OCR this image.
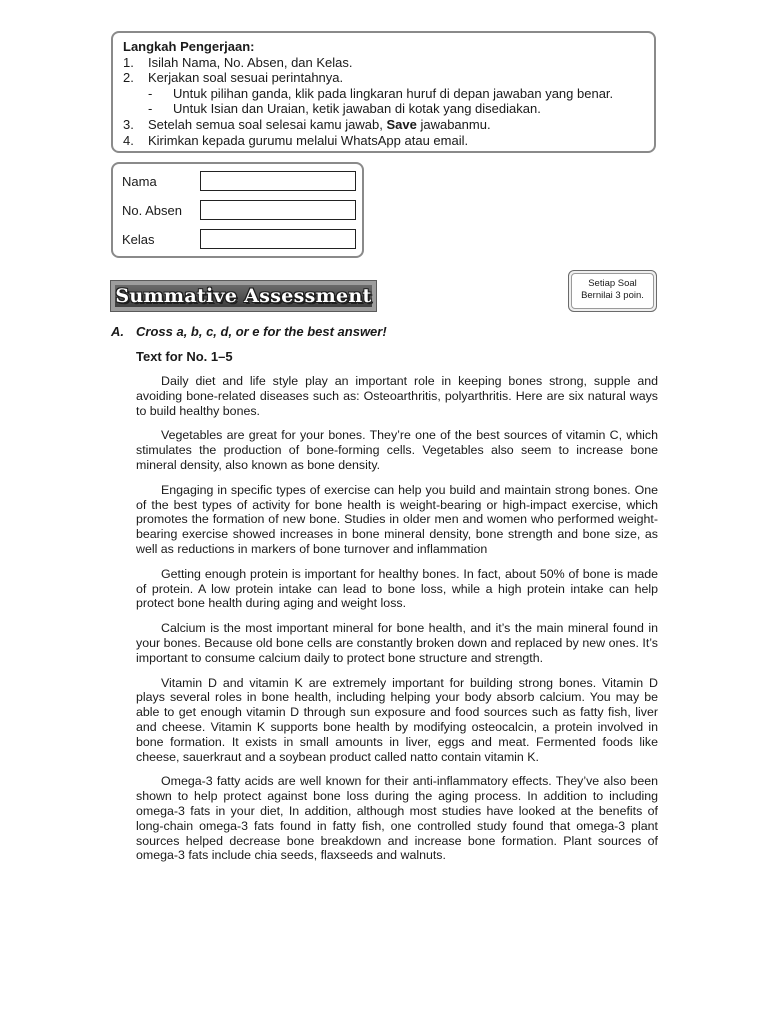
Langkah Pengerjaan:
1.	Isilah Nama, No. Absen, dan Kelas.
2.	Kerjakan soal sesuai perintahnya.
-	Untuk pilihan ganda, klik pada lingkaran huruf di depan jawaban yang benar.
-	Untuk Isian dan Uraian, ketik jawaban di kotak yang disediakan.
3.	Setelah semua soal selesai kamu jawab, Save jawabanmu.
4.	Kirimkan kepada gurumu melalui WhatsApp atau email.
Nama
No. Absen
Kelas
Summative Assessment
Setiap Soal
Bernilai 3 poin.
A. Cross a, b, c, d, or e for the best answer!
Text for No. 1–5

Daily diet and life style play an important role in keeping bones strong, supple and avoiding bone-related diseases such as: Osteoarthritis, polyarthritis. Here are six natural ways to build healthy bones.

Vegetables are great for your bones. They’re one of the best sources of vitamin C, which stimulates the production of bone-forming cells. Vegetables also seem to increase bone mineral density, also known as bone density.

Engaging in specific types of exercise can help you build and maintain strong bones. One of the best types of activity for bone health is weight-bearing or high-impact exercise, which promotes the formation of new bone. Studies in older men and women who performed weight-bearing exercise showed increases in bone mineral density, bone strength and bone size, as well as reductions in markers of bone turnover and inflammation

Getting enough protein is important for healthy bones. In fact, about 50% of bone is made of protein. A low protein intake can lead to bone loss, while a high protein intake can help protect bone health during aging and weight loss.

Calcium is the most important mineral for bone health, and it’s the main mineral found in your bones. Because old bone cells are constantly broken down and replaced by new ones. It’s important to consume calcium daily to protect bone structure and strength.

Vitamin D and vitamin K are extremely important for building strong bones. Vitamin D plays several roles in bone health, including helping your body absorb calcium. You may be able to get enough vitamin D through sun exposure and food sources such as fatty fish, liver and cheese. Vitamin K supports bone health by modifying osteocalcin, a protein involved in bone formation. It exists in small amounts in liver, eggs and meat. Fermented foods like cheese, sauerkraut and a soybean product called natto contain vitamin K.

Omega-3 fatty acids are well known for their anti-inflammatory effects. They’ve also been shown to help protect against bone loss during the aging process. In addition to including omega-3 fats in your diet, In addition, although most studies have looked at the benefits of long-chain omega-3 fats found in fatty fish, one controlled study found that omega-3 plant sources helped decrease bone breakdown and increase bone formation. Plant sources of omega-3 fats include chia seeds, flaxseeds and walnuts.
